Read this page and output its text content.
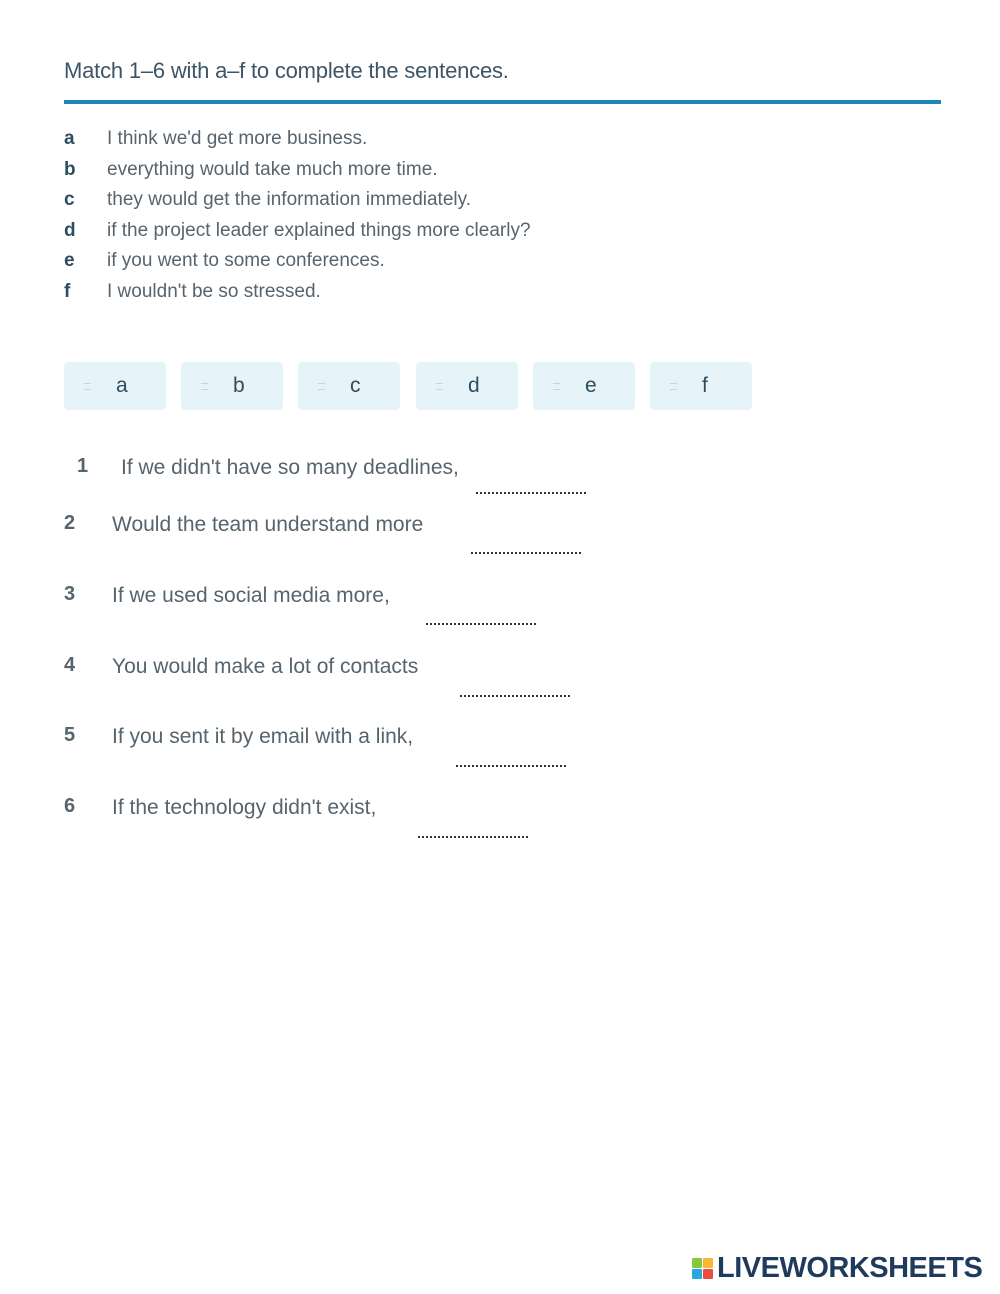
Match 1–6 with a–f to complete the sentences.
a I think we'd get more business.
b everything would take much more time.
c they would get the information immediately.
d if the project leader explained things more clearly?
e if you went to some conferences.
f I wouldn't be so stressed.
a	b	c	d	e	f
1 If we didn't have so many deadlines,
2 Would the team understand more
3 If we used social media more,
4 You would make a lot of contacts
5 If you sent it by email with a link,
6 If the technology didn't exist,
LIVEWORKSHEETS
